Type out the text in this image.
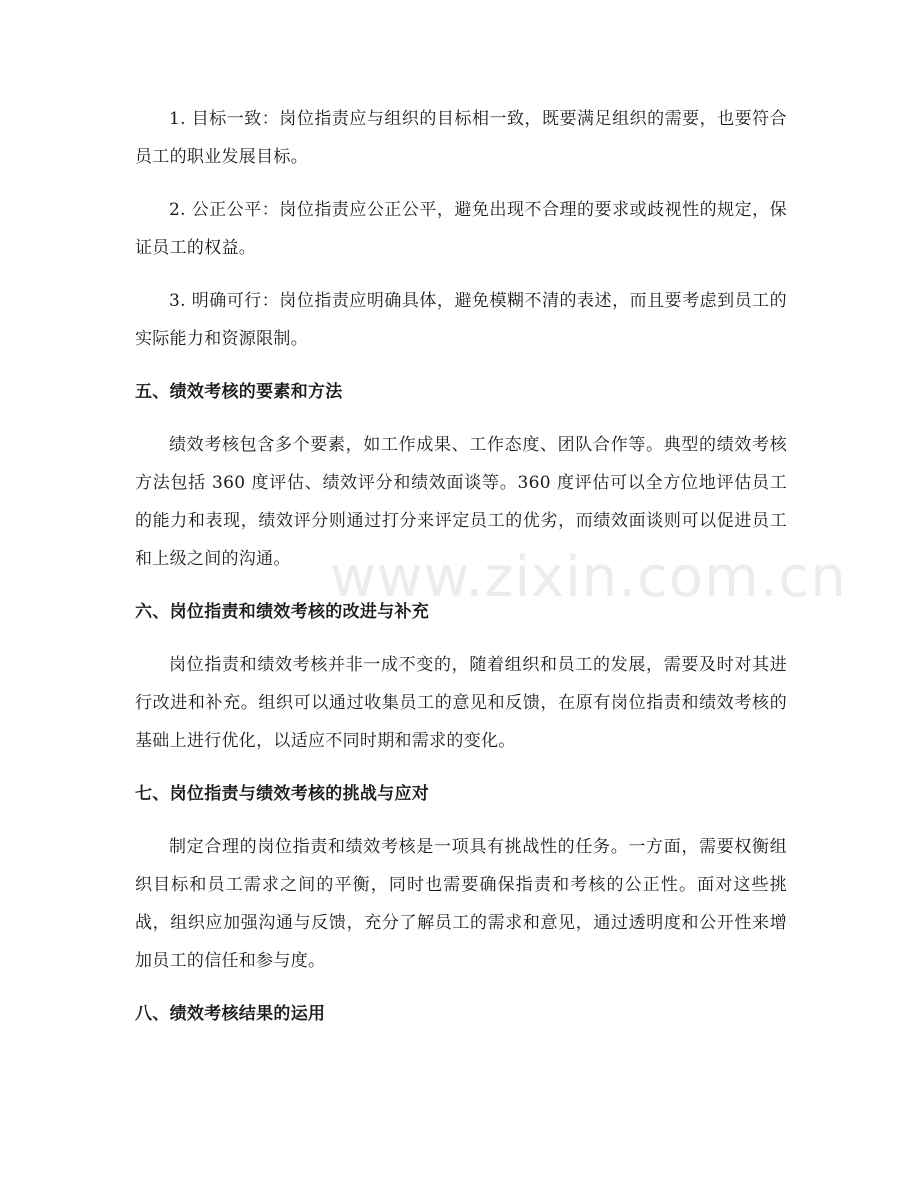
1. 目标一致：岗位指责应与组织的目标相一致，既要满足组织的需要，也要符合员工的职业发展目标。

2. 公正公平：岗位指责应公正公平，避免出现不合理的要求或歧视性的规定，保证员工的权益。

3. 明确可行：岗位指责应明确具体，避免模糊不清的表述，而且要考虑到员工的实际能力和资源限制。

五、绩效考核的要素和方法

绩效考核包含多个要素，如工作成果、工作态度、团队合作等。典型的绩效考核方法包括 360 度评估、绩效评分和绩效面谈等。360 度评估可以全方位地评估员工的能力和表现，绩效评分则通过打分来评定员工的优劣，而绩效面谈则可以促进员工和上级之间的沟通。

六、岗位指责和绩效考核的改进与补充

岗位指责和绩效考核并非一成不变的，随着组织和员工的发展，需要及时对其进行改进和补充。组织可以通过收集员工的意见和反馈，在原有岗位指责和绩效考核的基础上进行优化，以适应不同时期和需求的变化。

七、岗位指责与绩效考核的挑战与应对

制定合理的岗位指责和绩效考核是一项具有挑战性的任务。一方面，需要权衡组织目标和员工需求之间的平衡，同时也需要确保指责和考核的公正性。面对这些挑战，组织应加强沟通与反馈，充分了解员工的需求和意见，通过透明度和公开性来增加员工的信任和参与度。

八、绩效考核结果的运用
www.zixin.com.cn
